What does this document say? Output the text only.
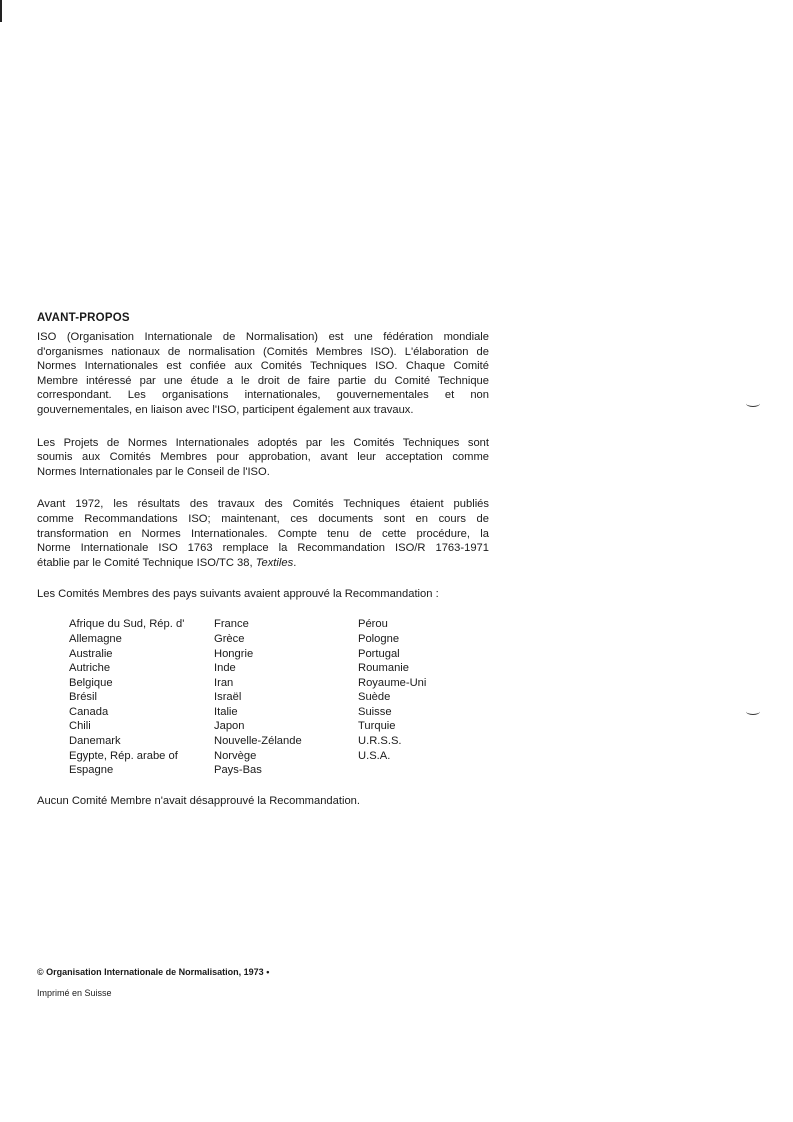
AVANT-PROPOS
ISO (Organisation Internationale de Normalisation) est une fédération mondiale
d'organismes nationaux de normalisation (Comités Membres ISO). L'élaboration de
Normes Internationales est confiée aux Comités Techniques ISO. Chaque Comité
Membre intéressé par une étude a le droit de faire partie du Comité Technique
correspondant. Les organisations internationales, gouvernementales et non
gouvernementales, en liaison avec l'ISO, participent également aux travaux.
Les Projets de Normes Internationales adoptés par les Comités Techniques sont
soumis aux Comités Membres pour approbation, avant leur acceptation comme
Normes Internationales par le Conseil de l'ISO.
Avant 1972, les résultats des travaux des Comités Techniques étaient publiés
comme Recommandations ISO; maintenant, ces documents sont en cours de
transformation en Normes Internationales. Compte tenu de cette procédure, la
Norme Internationale ISO 1763 remplace la Recommandation ISO/R 1763-1971
établie par le Comité Technique ISO/TC 38, Textiles.
Les Comités Membres des pays suivants avaient approuvé la Recommandation :
Afrique du Sud, Rép. d'
Allemagne
Australie
Autriche
Belgique
Brésil
Canada
Chili
Danemark
Egypte, Rép. arabe of
Espagne
France
Grèce
Hongrie
Inde
Iran
Israël
Italie
Japon
Nouvelle-Zélande
Norvège
Pays-Bas
Pérou
Pologne
Portugal
Roumanie
Royaume-Uni
Suède
Suisse
Turquie
U.R.S.S.
U.S.A.
Aucun Comité Membre n'avait désapprouvé la Recommandation.
© Organisation Internationale de Normalisation, 1973 •
Imprimé en Suisse
